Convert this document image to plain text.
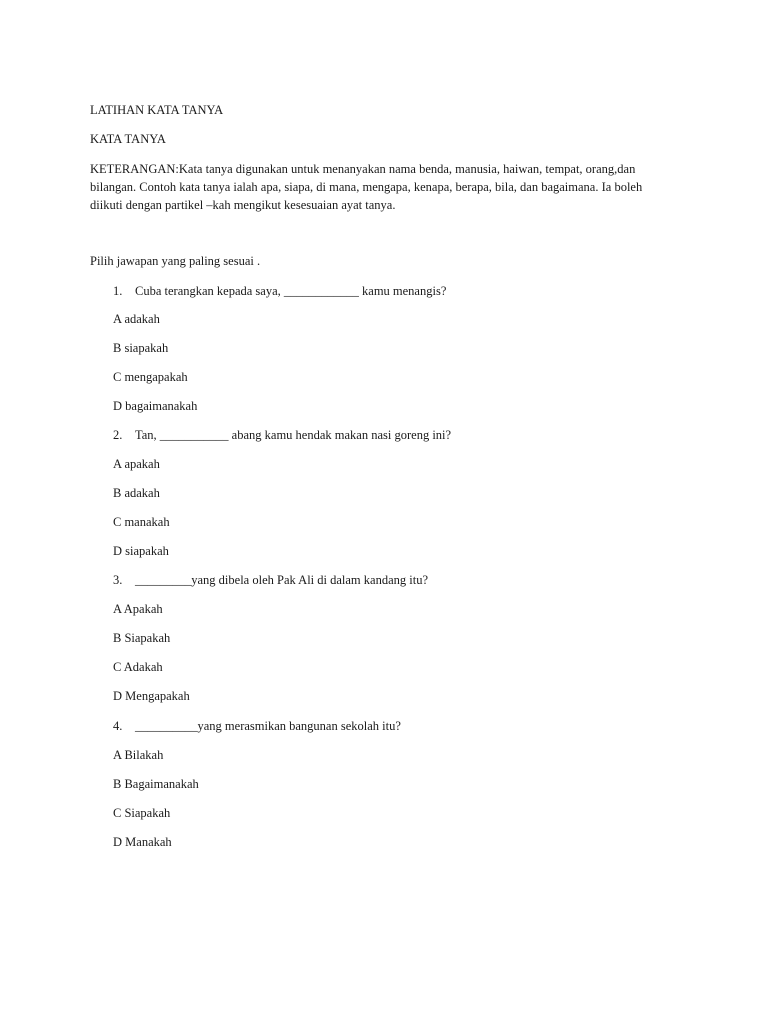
LATIHAN KATA TANYA
KATA TANYA
KETERANGAN:Kata tanya digunakan untuk menanyakan nama benda, manusia, haiwan, tempat, orang,dan
bilangan. Contoh kata tanya ialah apa, siapa, di mana, mengapa, kenapa, berapa, bila, dan bagaimana. Ia boleh
diikuti dengan partikel –kah mengikut kesesuaian ayat tanya.
Pilih jawapan yang paling sesuai .
1. Cuba terangkan kepada saya, ____________ kamu menangis?
A adakah
B siapakah
C mengapakah
D bagaimanakah
2. Tan, ___________ abang kamu hendak makan nasi goreng ini?
A apakah
B adakah
C manakah
D siapakah
3. _________yang dibela oleh Pak Ali di dalam kandang itu?
A Apakah
B Siapakah
C Adakah
D Mengapakah
4. __________yang merasmikan bangunan sekolah itu?
A Bilakah
B Bagaimanakah
C Siapakah
D Manakah
